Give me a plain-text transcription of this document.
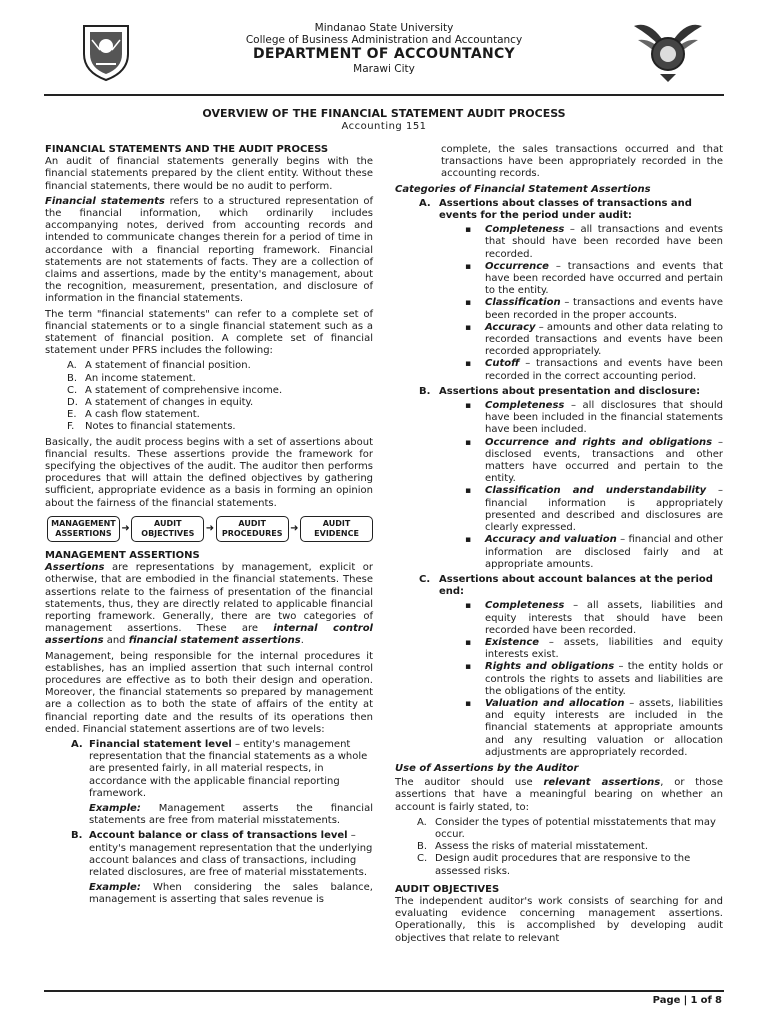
Mindanao State University
College of Business Administration and Accountancy
DEPARTMENT OF ACCOUNTANCY
Marawi City
OVERVIEW OF THE FINANCIAL STATEMENT AUDIT PROCESS
Accounting 151
FINANCIAL STATEMENTS AND THE AUDIT PROCESS

An audit of financial statements generally begins with the financial statements prepared by the client entity. Without these financial statements, there would be no audit to perform.

Financial statements refers to a structured representation of the financial information, which ordinarily includes accompanying notes, derived from accounting records and intended to communicate changes therein for a period of time in accordance with a financial reporting framework. Financial statements are not statements of facts. They are a collection of claims and assertions, made by the entity's management, about the recognition, measurement, presentation, and disclosure of information in the financial statements.

The term "financial statements" can refer to a complete set of financial statements or to a single financial statement such as a statement of financial position. A complete set of financial statement under PFRS includes the following:

A. A statement of financial position.
B. An income statement.
C. A statement of comprehensive income.
D. A statement of changes in equity.
E. A cash flow statement.
F. Notes to financial statements.

Basically, the audit process begins with a set of assertions about financial results. These assertions provide the framework for specifying the objectives of the audit. The auditor then performs procedures that will attain the defined objectives by gathering sufficient, appropriate evidence as a basis in forming an opinion about the fairness of the financial statements.

MANAGEMENT ASSERTIONS ➜	AUDIT OBJECTIVES	➜	AUDIT PROCEDURES ➜	AUDIT EVIDENCE
MANAGEMENT ASSERTIONS

Assertions are representations by management, explicit or otherwise, that are embodied in the financial statements. These assertions relate to the fairness of presentation of the financial statements, thus, they are directly related to applicable financial reporting framework. Generally, there are two categories of management assertions. These are internal control assertions and financial statement assertions.

Management, being responsible for the internal procedures it establishes, has an implied assertion that such internal control procedures are effective as to both their design and operation. Moreover, the financial statements so prepared by management are a collection as to both the state of affairs of the entity at financial reporting date and the results of its operations then ended. Financial statement assertions are of two levels:

A. Financial statement level – entity's management representation that the financial statements as a whole are presented fairly, in all material respects, in accordance with the applicable financial reporting framework.

Example: Management asserts the financial statements are free from material misstatements.

B. Account balance or class of transactions level – entity's management representation that the underlying account balances and class of transactions, including related disclosures, are free of material misstatements.

Example: When considering the sales balance, management is asserting that sales revenue is

complete, the sales transactions occurred and that transactions have been appropriately recorded in the accounting records.

Categories of Financial Statement Assertions
A. Assertions about classes of transactions and events for the period under audit:
▪ Completeness – all transactions and events that should have been recorded have been recorded.
▪ Occurrence – transactions and events that have been recorded have occurred and pertain to the entity.
▪ Classification – transactions and events have been recorded in the proper accounts.
▪ Accuracy – amounts and other data relating to recorded transactions and events have been recorded appropriately.
▪ Cutoff – transactions and events have been recorded in the correct accounting period.
B. Assertions about presentation and disclosure:
▪ Completeness – all disclosures that should have been included in the financial statements have been included.
▪ Occurrence and rights and obligations – disclosed events, transactions and other matters have occurred and pertain to the entity.
▪ Classification and understandability – financial information is appropriately presented and described and disclosures are clearly expressed.
▪ Accuracy and valuation – financial and other information are disclosed fairly and at appropriate amounts.
C. Assertions about account balances at the period end:
▪ Completeness – all assets, liabilities and equity interests that should have been recorded have been recorded.
▪ Existence – assets, liabilities and equity interests exist.
▪ Rights and obligations – the entity holds or controls the rights to assets and liabilities are the obligations of the entity.
▪ Valuation and allocation – assets, liabilities and equity interests are included in the financial statements at appropriate amounts and any resulting valuation or allocation adjustments are appropriately recorded.
Use of Assertions by the Auditor

The auditor should use relevant assertions, or those assertions that have a meaningful bearing on whether an account is fairly stated, to:

A. Consider the types of potential misstatements that may occur.
B. Assess the risks of material misstatement.
C. Design audit procedures that are responsive to the assessed risks.
AUDIT OBJECTIVES

The independent auditor's work consists of searching for and evaluating evidence concerning management assertions. Operationally, this is accomplished by developing audit objectives that relate to relevant

Page | 1 of 8
